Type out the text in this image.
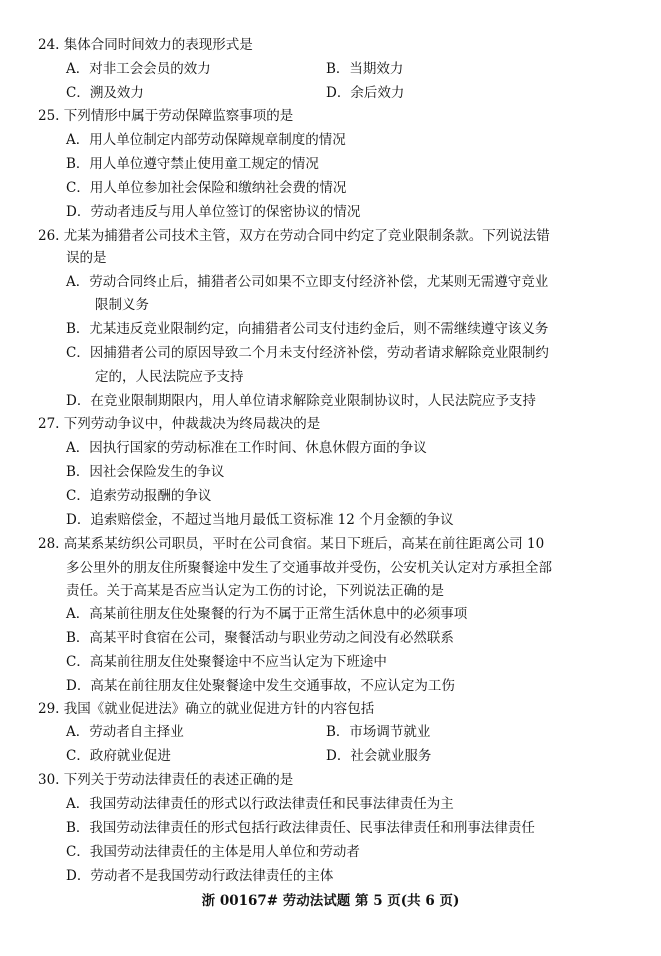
24. 集体合同时间效力的表现形式是
A．对非工会会员的效力	B．当期效力
C．溯及效力	D．余后效力
25. 下列情形中属于劳动保障监察事项的是
A．用人单位制定内部劳动保障规章制度的情况
B．用人单位遵守禁止使用童工规定的情况
C．用人单位参加社会保险和缴纳社会费的情况
D．劳动者违反与用人单位签订的保密协议的情况
26. 尤某为捕猎者公司技术主管，双方在劳动合同中约定了竞业限制条款。下列说法错
误的是
A．劳动合同终止后，捕猎者公司如果不立即支付经济补偿，尤某则无需遵守竞业
限制义务
B．尤某违反竞业限制约定，向捕猎者公司支付违约金后，则不需继续遵守该义务
C．因捕猎者公司的原因导致二个月未支付经济补偿，劳动者请求解除竞业限制约
定的，人民法院应予支持
D．在竞业限制期限内，用人单位请求解除竞业限制协议时，人民法院应予支持
27. 下列劳动争议中，仲裁裁决为终局裁决的是
A．因执行国家的劳动标准在工作时间、休息休假方面的争议
B．因社会保险发生的争议
C．追索劳动报酬的争议
D．追索赔偿金，不超过当地月最低工资标准 12 个月金额的争议
28. 高某系某纺织公司职员，平时在公司食宿。某日下班后，高某在前往距离公司 10
多公里外的朋友住所聚餐途中发生了交通事故并受伤，公安机关认定对方承担全部
责任。关于高某是否应当认定为工伤的讨论，下列说法正确的是
A．高某前往朋友住处聚餐的行为不属于正常生活休息中的必须事项
B．高某平时食宿在公司，聚餐活动与职业劳动之间没有必然联系
C．高某前往朋友住处聚餐途中不应当认定为下班途中
D．高某在前往朋友住处聚餐途中发生交通事故，不应认定为工伤
29. 我国《就业促进法》确立的就业促进方针的内容包括
A．劳动者自主择业	B．市场调节就业
C．政府就业促进	D．社会就业服务
30. 下列关于劳动法律责任的表述正确的是
A．我国劳动法律责任的形式以行政法律责任和民事法律责任为主
B．我国劳动法律责任的形式包括行政法律责任、民事法律责任和刑事法律责任
C．我国劳动法律责任的主体是用人单位和劳动者
D．劳动者不是我国劳动行政法律责任的主体
浙 00167# 劳动法试题 第 5 页(共 6 页)
